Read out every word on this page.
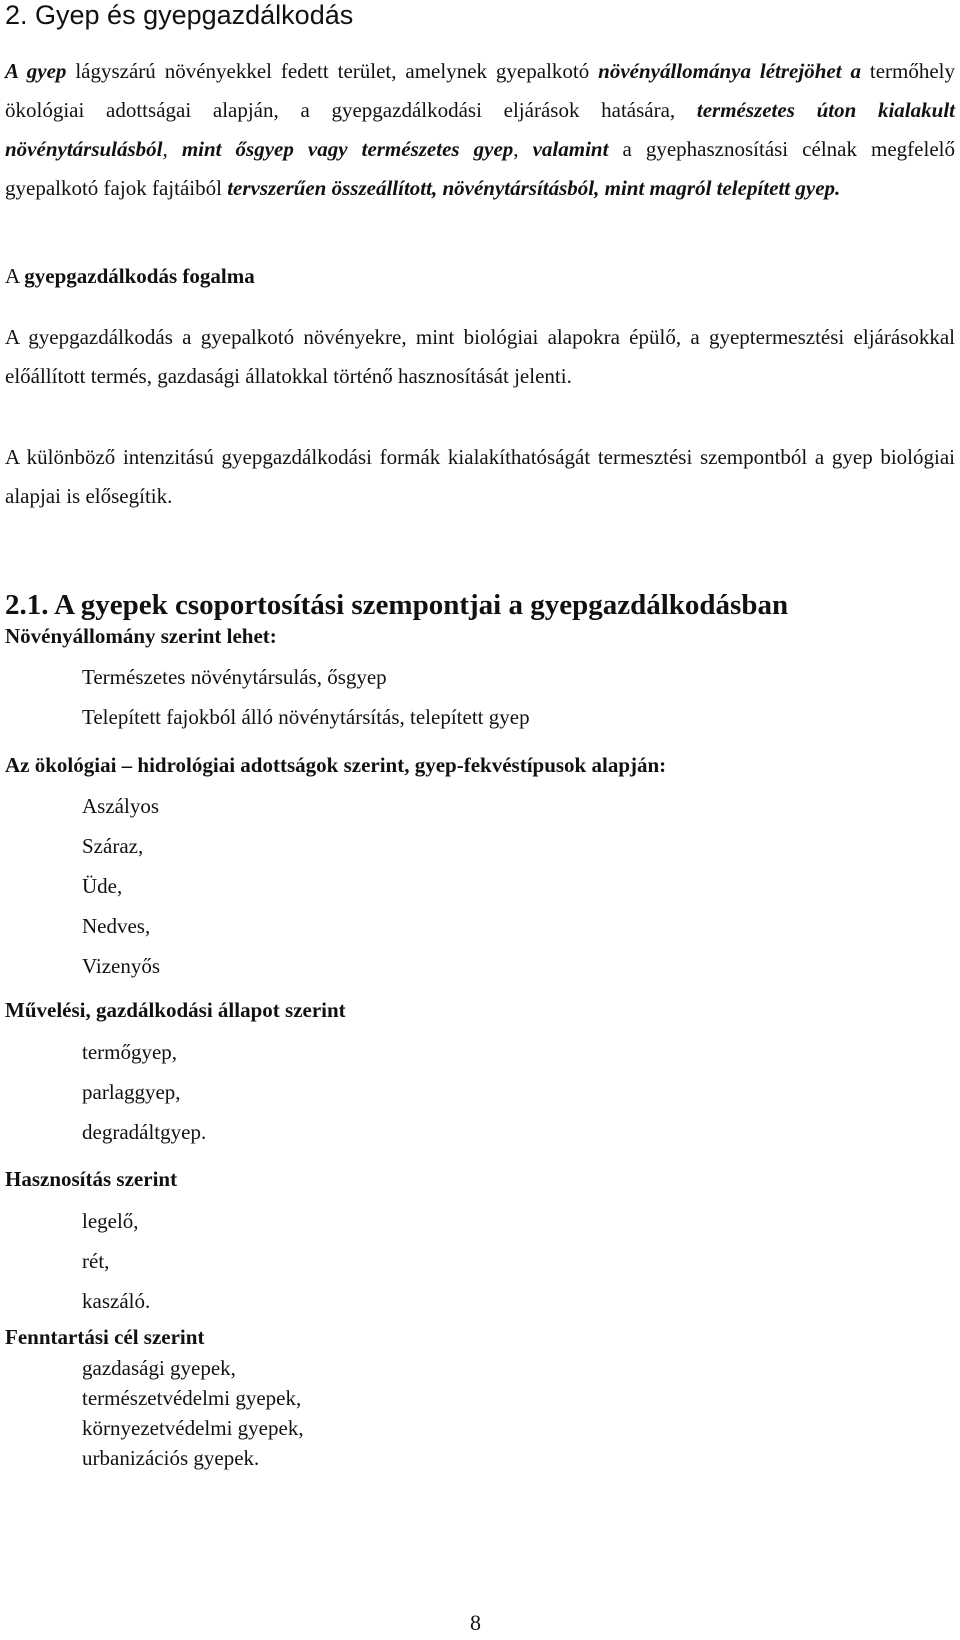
2. Gyep és gyepgazdálkodás

A gyep lágyszárú növényekkel fedett terület, amelynek gyepalkotó növényállománya létrejöhet a termőhely ökológiai adottságai alapján, a gyepgazdálkodási eljárások hatására, természetes úton kialakult növénytársulásból, mint ősgyep vagy természetes gyep, valamint a gyephasznosítási célnak megfelelő gyepalkotó fajok fajtáiból tervszerűen összeállított, növénytársításból, mint magról telepített gyep.

A gyepgazdálkodás fogalma

A gyepgazdálkodás a gyepalkotó növényekre, mint biológiai alapokra épülő, a gyeptermesztési eljárásokkal előállított termés, gazdasági állatokkal történő hasznosítását jelenti.

A különböző intenzitású gyepgazdálkodási formák kialakíthatóságát termesztési szempontból a gyep biológiai alapjai is elősegítik.

2.1. A gyepek csoportosítási szempontjai a gyepgazdálkodásban
Növényállomány szerint lehet:
Természetes növénytársulás, ősgyep
Telepített fajokból álló növénytársítás, telepített gyep
Az ökológiai – hidrológiai adottságok szerint, gyep-fekvéstípusok alapján:
Aszályos
Száraz,
Üde,
Nedves,
Vizenyős
Művelési, gazdálkodási állapot szerint
termőgyep,
parlaggyep,
degradáltgyep.
Hasznosítás szerint
legelő,
rét,
kaszáló.
Fenntartási cél szerint
gazdasági gyepek,
természetvédelmi gyepek,
környezetvédelmi gyepek,
urbanizációs gyepek.
8
